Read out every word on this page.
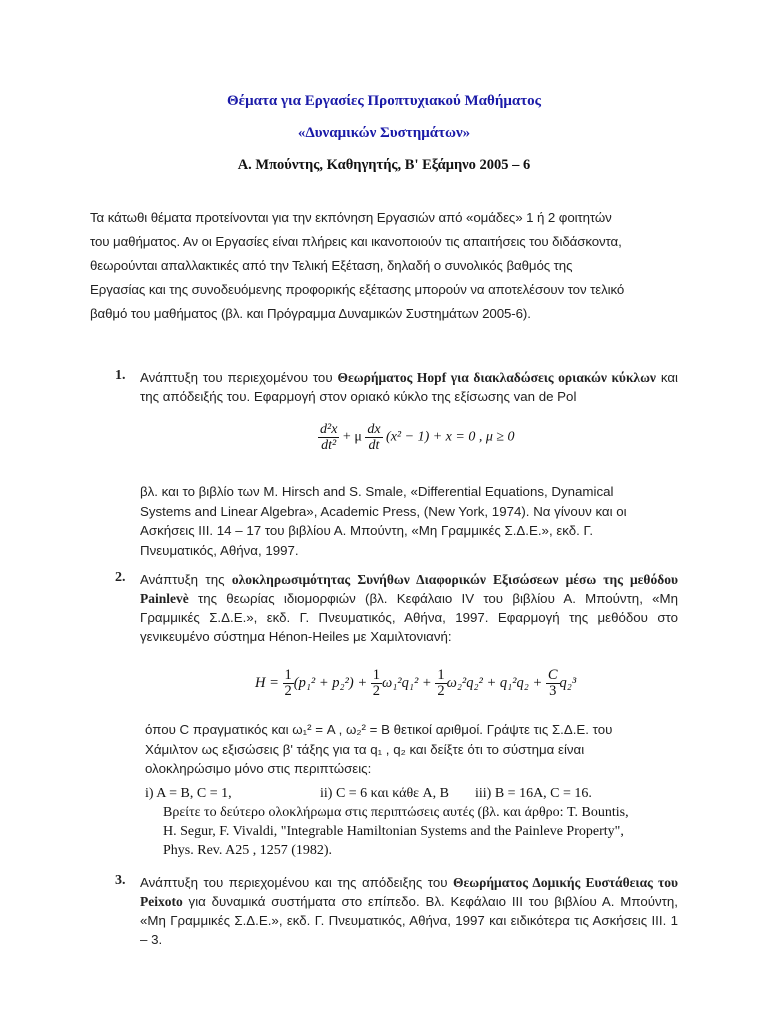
Θέματα για Εργασίες Προπτυχιακού Μαθήματος
«Δυναμικών Συστημάτων»
Α. Μπούντης, Καθηγητής, Β' Εξάμηνο 2005 – 6
Τα κάτωθι θέματα προτείνονται για την εκπόνηση Εργασιών από «ομάδες» 1 ή 2 φοιτητών
του μαθήματος. Αν οι Εργασίες είναι πλήρεις και ικανοποιούν τις απαιτήσεις του διδάσκοντα,
θεωρούνται απαλλακτικές από την Τελική Εξέταση, δηλαδή ο συνολικός βαθμός της
Εργασίας και της συνοδευόμενης προφορικής εξέτασης μπορούν να αποτελέσουν τον τελικό
βαθμό του μαθήματος (βλ. και Πρόγραμμα Δυναμικών Συστημάτων 2005-6).
1. Ανάπτυξη του περιεχομένου του Θεωρήματος Hopf για διακλαδώσεις οριακών κύκλων και της απόδειξής του. Εφαρμογή στον οριακό κύκλο της εξίσωσης van de Pol
$\frac{\text{d²x}}{\text{dt²}} + \mu \frac{dx}{dt} (x^2 - 1) + x = 0$ , μ ≥ 0
βλ. και το βιβλίο των M. Hirsch and S. Smale, «Differential Equations, Dynamical
Systems and Linear Algebra», Academic Press, (New York, 1974). Να γίνουν και οι
Ασκήσεις ΙΙΙ. 14 – 17 του βιβλίου Α. Μπούντη, «Μη Γραμμικές Σ.Δ.Ε.», εκδ. Γ.
Πνευματικός, Αθήνα, 1997.
2. Ανάπτυξη της ολοκληρωσιμότητας Συνήθων Διαφορικών Εξισώσεων μέσω της μεθόδου Painlevè της θεωρίας ιδιομορφιών (βλ. Κεφάλαιο IV του βιβλίου Α. Μπούντη, «Μη Γραμμικές Σ.Δ.Ε.», εκδ. Γ. Πνευματικός, Αθήνα, 1997. Εφαρμογή της μεθόδου στο γενικευμένο σύστημα Hénon-Heiles με Χαμιλτονιανή:
$H = \frac{1}{2} (p_1^2 + p_2^2) + \frac{1}{2} \omega_1^2q_1^2 + \frac{1}{2} \omega_2^2q_2^2 + q_1^2q_2 + \frac{C}{3} q_2^3$
όπου C πραγματικός και ω₁² = A , ω₂² = B θετικοί αριθμοί. Γράψτε τις Σ.Δ.Ε. του
Χάμιλτον ως εξισώσεις β' τάξης για τα q₁ , q₂ και δείξτε ότι το σύστημα είναι
ολοκληρώσιμο μόνο στις περιπτώσεις:
i) A = B, C = 1,	ii) C = 6 και κάθε A, B iii) B = 16A, C = 16.
Βρείτε το δεύτερο ολοκλήρωμα στις περιπτώσεις αυτές (βλ. και άρθρο: T. Bountis,
H. Segur, F. Vivaldi, "Integrable Hamiltonian Systems and the Painleve Property",
Phys. Rev. A25 , 1257 (1982).
3. Ανάπτυξη του περιεχομένου και της απόδειξης του Θεωρήματος Δομικής Ευστάθειας του Peixoto για δυναμικά συστήματα στο επίπεδο. Βλ. Κεφάλαιο ΙΙΙ του βιβλίου Α. Μπούντη, «Μη Γραμμικές Σ.Δ.Ε.», εκδ. Γ. Πνευματικός, Αθήνα, 1997 και ειδικότερα τις Ασκήσεις ΙΙΙ. 1 – 3.
